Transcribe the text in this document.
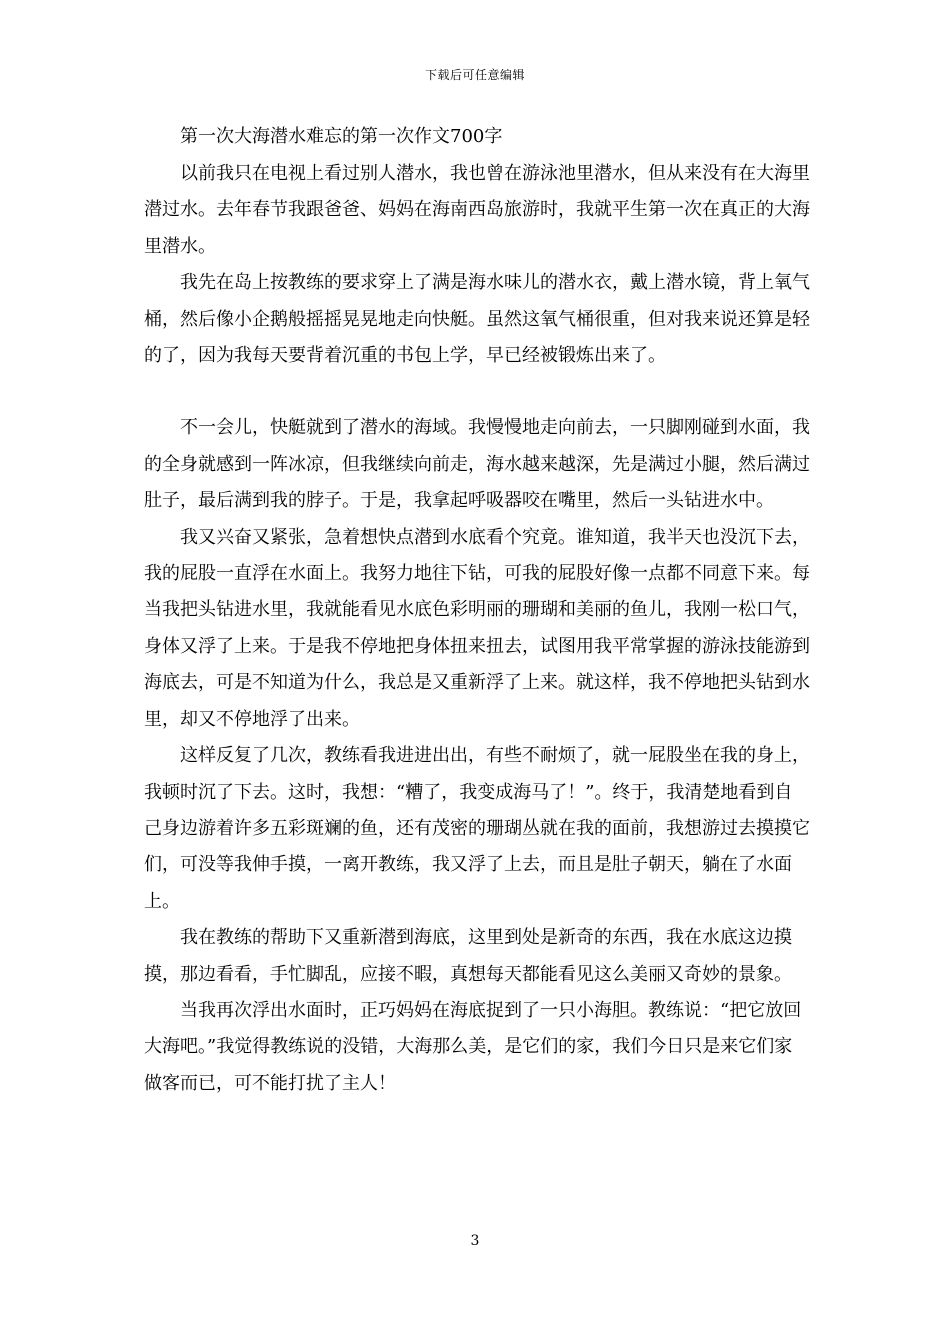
下载后可任意编辑

第一次大海潜水难忘的第一次作文700字

以前我只在电视上看过别人潜水，我也曾在游泳池里潜水，但从来没有在大海里潜过水。去年春节我跟爸爸、妈妈在海南西岛旅游时，我就平生第一次在真正的大海里潜水。

我先在岛上按教练的要求穿上了满是海水味儿的潜水衣，戴上潜水镜，背上氧气桶，然后像小企鹅般摇摇晃晃地走向快艇。虽然这氧气桶很重，但对我来说还算是轻的了，因为我每天要背着沉重的书包上学，早已经被锻炼出来了。

不一会儿，快艇就到了潜水的海域。我慢慢地走向前去，一只脚刚碰到水面，我的全身就感到一阵冰凉，但我继续向前走，海水越来越深，先是满过小腿，然后满过肚子，最后满到我的脖子。于是，我拿起呼吸器咬在嘴里，然后一头钻进水中。

我又兴奋又紧张，急着想快点潜到水底看个究竟。谁知道，我半天也没沉下去，我的屁股一直浮在水面上。我努力地往下钻，可我的屁股好像一点都不同意下来。每当我把头钻进水里，我就能看见水底色彩明丽的珊瑚和美丽的鱼儿，我刚一松口气，身体又浮了上来。于是我不停地把身体扭来扭去，试图用我平常掌握的游泳技能游到海底去，可是不知道为什么，我总是又重新浮了上来。就这样，我不停地把头钻到水里，却又不停地浮了出来。

这样反复了几次，教练看我进进出出，有些不耐烦了，就一屁股坐在我的身上，我顿时沉了下去。这时，我想：“糟了，我变成海马了！”。终于，我清楚地看到自己身边游着许多五彩斑斓的鱼，还有茂密的珊瑚丛就在我的面前，我想游过去摸摸它们，可没等我伸手摸，一离开教练，我又浮了上去，而且是肚子朝天，躺在了水面上。

我在教练的帮助下又重新潜到海底，这里到处是新奇的东西，我在水底这边摸摸，那边看看，手忙脚乱，应接不暇，真想每天都能看见这么美丽又奇妙的景象。

当我再次浮出水面时，正巧妈妈在海底捉到了一只小海胆。教练说：“把它放回大海吧。”我觉得教练说的没错，大海那么美，是它们的家，我们今日只是来它们家做客而已，可不能打扰了主人！

3
